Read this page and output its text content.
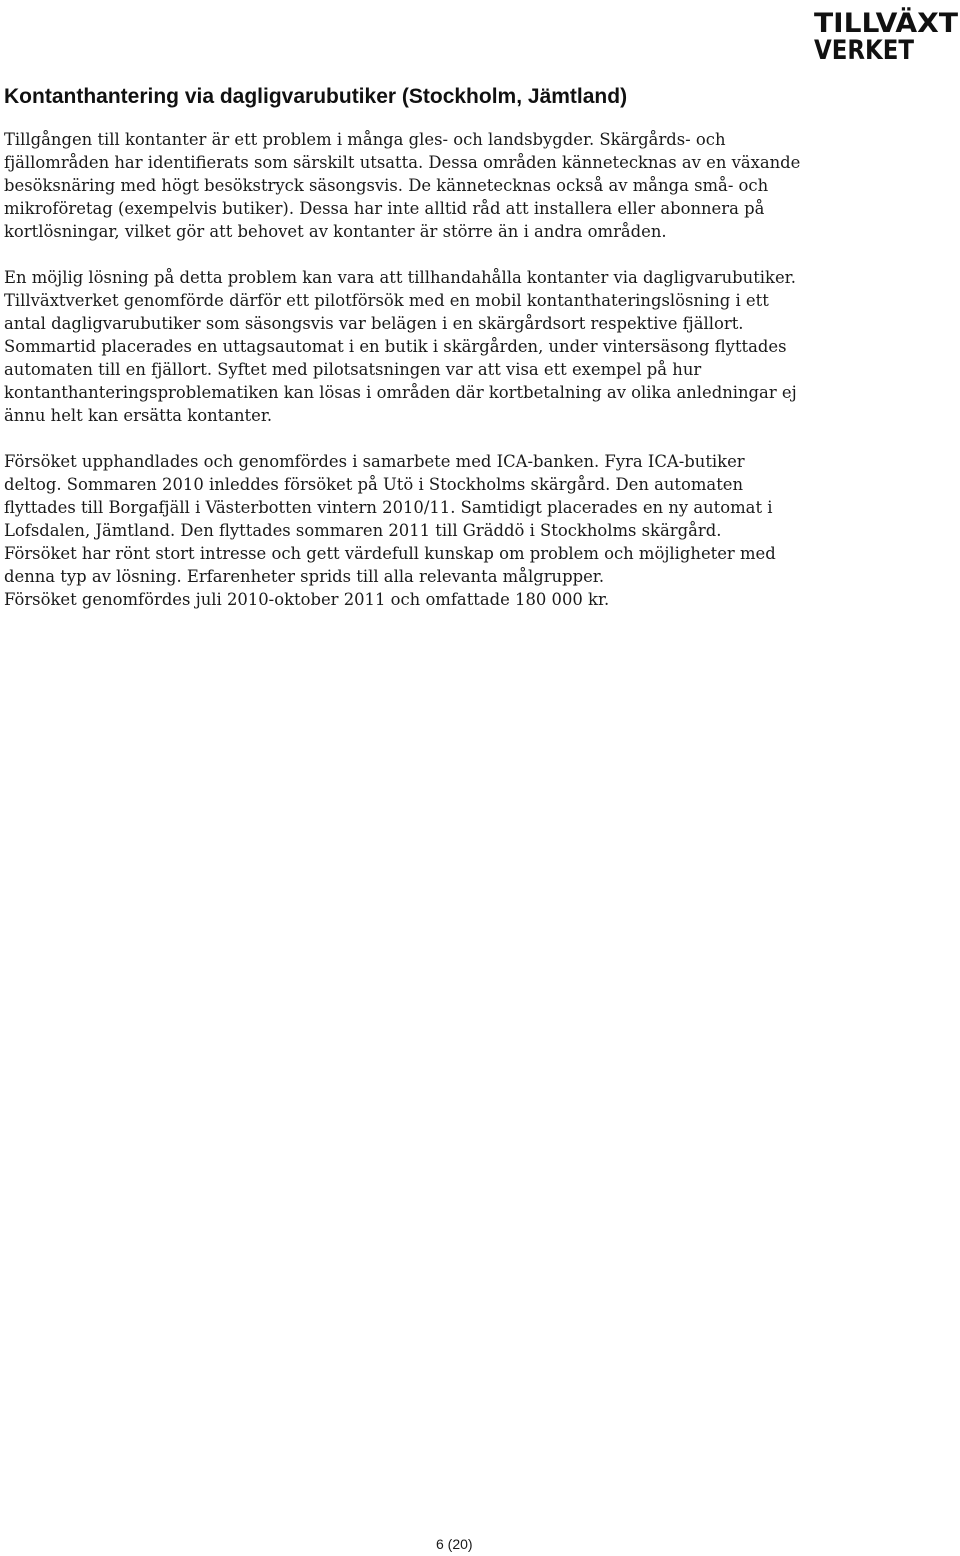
TILLVÄXT
VERKET
Kontanthantering via dagligvarubutiker (Stockholm, Jämtland)
Tillgången till kontanter är ett problem i många gles- och landsbygder. Skärgårds- och
fjällområden har identifierats som särskilt utsatta. Dessa områden kännetecknas av en växande
besöksnäring med högt besökstryck säsongsvis. De kännetecknas också av många små- och
mikroföretag (exempelvis butiker). Dessa har inte alltid råd att installera eller abonnera på
kortlösningar, vilket gör att behovet av kontanter är större än i andra områden.
En möjlig lösning på detta problem kan vara att tillhandahålla kontanter via dagligvarubutiker.
Tillväxtverket genomförde därför ett pilotförsök med en mobil kontanthateringslösning i ett
antal dagligvarubutiker som säsongsvis var belägen i en skärgårdsort respektive fjällort.
Sommartid placerades en uttagsautomat i en butik i skärgården, under vintersäsong flyttades
automaten till en fjällort. Syftet med pilotsatsningen var att visa ett exempel på hur
kontanthanteringsproblematiken kan lösas i områden där kortbetalning av olika anledningar ej
ännu helt kan ersätta kontanter.
Försöket upphandlades och genomfördes i samarbete med ICA-banken. Fyra ICA-butiker
deltog. Sommaren 2010 inleddes försöket på Utö i Stockholms skärgård. Den automaten
flyttades till Borgafjäll i Västerbotten vintern 2010/11. Samtidigt placerades en ny automat i
Lofsdalen, Jämtland. Den flyttades sommaren 2011 till Gräddö i Stockholms skärgård.
Försöket har rönt stort intresse och gett värdefull kunskap om problem och möjligheter med
denna typ av lösning. Erfarenheter sprids till alla relevanta målgrupper.
Försöket genomfördes juli 2010-oktober 2011 och omfattade 180 000 kr.
6 (20)
